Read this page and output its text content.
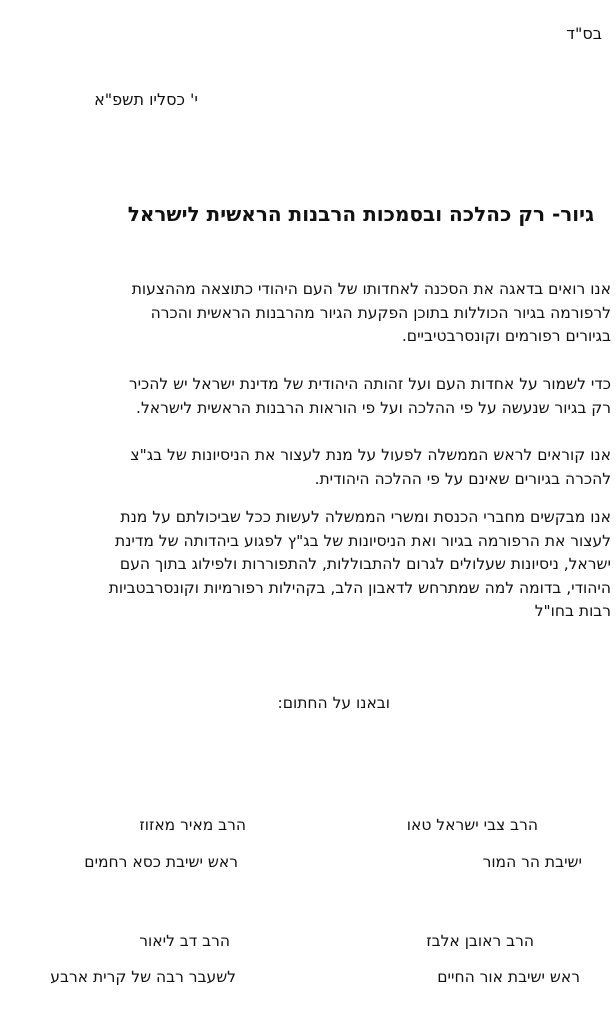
בס"ד
י' כסליו תשפ"א
גיור- רק כהלכה ובסמכות הרבנות הראשית לישראל
אנו רואים בדאגה את הסכנה לאחדותו של העם היהודי כתוצאה מההצעות
לרפורמה בגיור הכוללות בתוכן הפקעת הגיור מהרבנות הראשית והכרה
בגיורים רפורמים וקונסרבטיביים.
כדי לשמור על אחדות העם ועל זהותה היהודית של מדינת ישראל יש להכיר
רק בגיור שנעשה על פי ההלכה ועל פי הוראות הרבנות הראשית לישראל.
אנו קוראים לראש הממשלה לפעול על מנת לעצור את הניסיונות של בג"צ
להכרה בגיורים שאינם על פי ההלכה היהודית.
אנו מבקשים מחברי הכנסת ומשרי הממשלה לעשות ככל שביכולתם על מנת
לעצור את הרפורמה בגיור ואת הניסיונות של בג"ץ לפגוע ביהדותה של מדינת
ישראל, ניסיונות שעלולים לגרום להתבוללות, להתפוררות ולפילוג בתוך העם
היהודי, בדומה למה שמתרחש לדאבון הלב, בקהילות רפורמיות וקונסרבטביות
רבות בחו"ל
ובאנו על החתום:
הרב צבי ישראל טאו
ישיבת הר המור
הרב מאיר מאזוז
ראש ישיבת כסא רחמים
הרב ראובן אלבז
ראש ישיבת אור החיים
הרב דב ליאור
לשעבר רבה של קרית ארבע
